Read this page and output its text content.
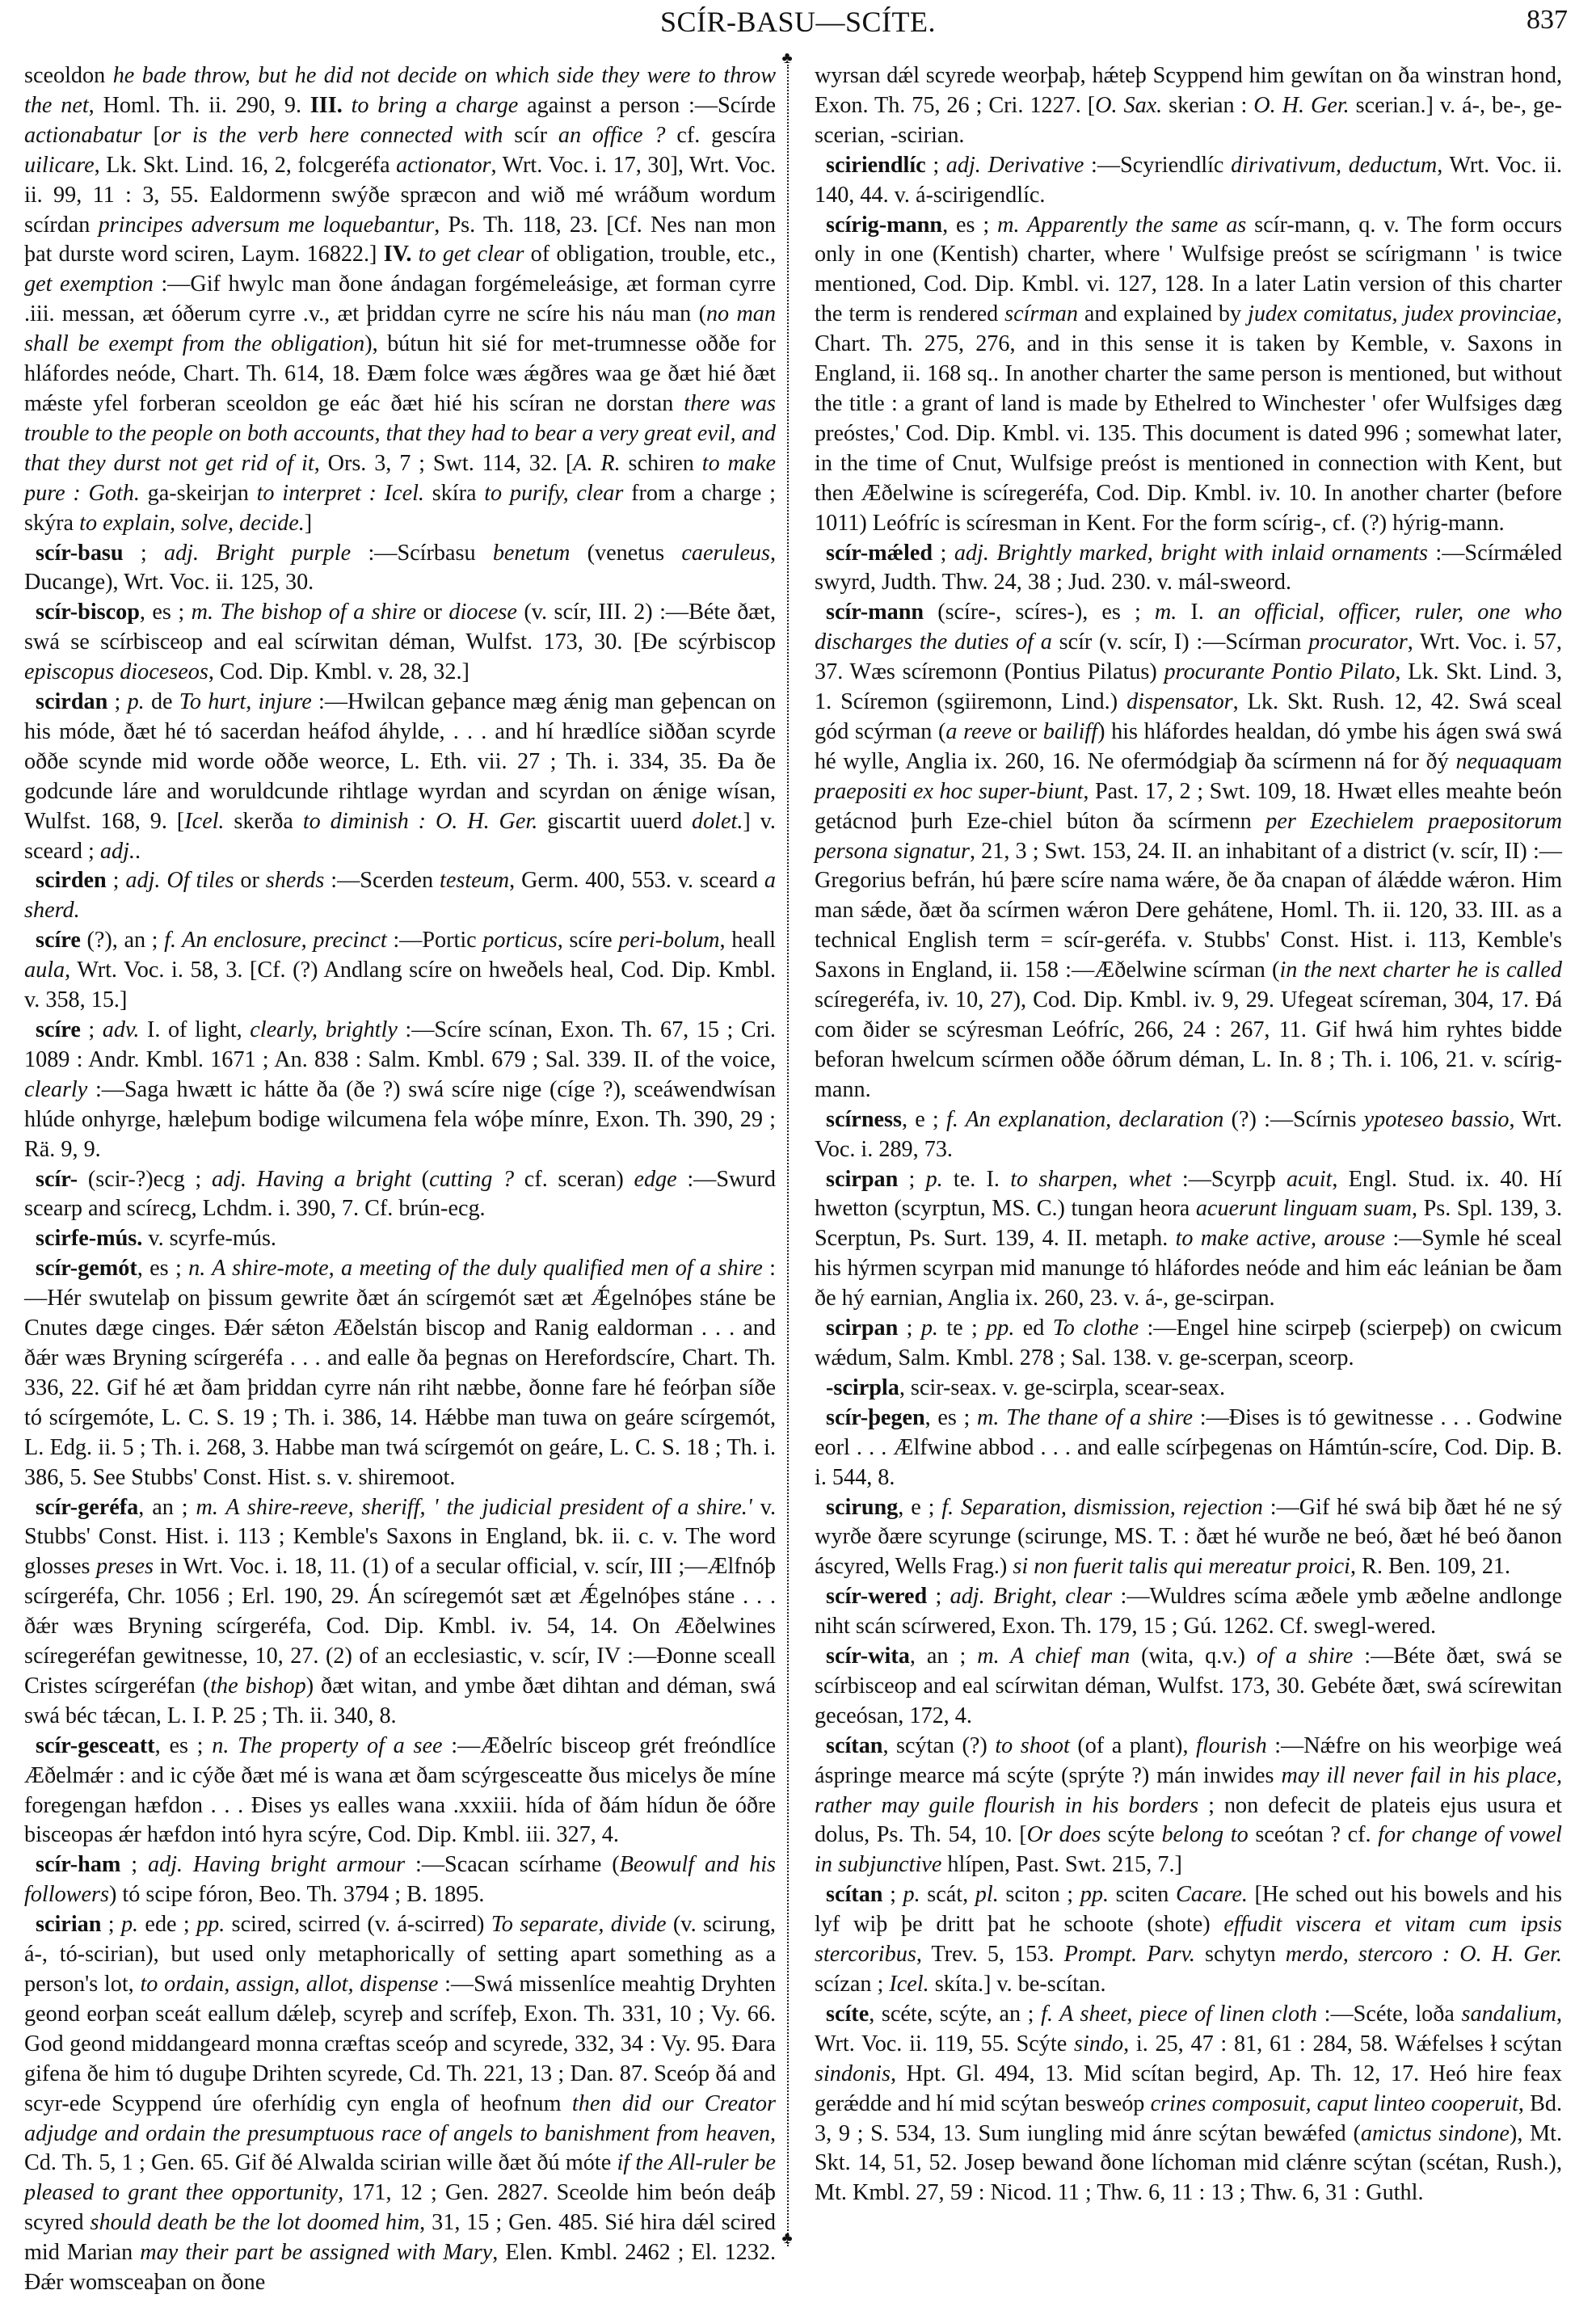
SCÍR-BASU—SCÍTE.	837
♣
♣

sceoldon he bade throw, but he did not decide on which side they were to throw the net, Homl. Th. ii. 290, 9. III. to bring a charge against a person :—Scírde actionabatur [or is the verb here connected with scír an office ? cf. gescíra uilicare, Lk. Skt. Lind. 16, 2, folcgeréfa actionator, Wrt. Voc. i. 17, 30], Wrt. Voc. ii. 99, 11 : 3, 55. Ealdormenn swýðe spræcon and wið mé wráðum wordum scírdan principes adversum me loquebantur, Ps. Th. 118, 23. [Cf. Nes nan mon þat durste word sciren, Laym. 16822.] IV. to get clear of obligation, trouble, etc., get exemption :—Gif hwylc man ðone ándagan forgémeleásige, æt forman cyrre .iii. messan, æt óðerum cyrre .v., æt þriddan cyrre ne scíre his náu man (no man shall be exempt from the obligation), bútun hit sié for met-trumnesse oððe for hláfordes neóde, Chart. Th. 614, 18. Ðæm folce wæs ǽgðres waa ge ðæt hié ðæt mǽste yfel forberan sceoldon ge eác ðæt hié his scíran ne dorstan there was trouble to the people on both accounts, that they had to bear a very great evil, and that they durst not get rid of it, Ors. 3, 7 ; Swt. 114, 32. [A. R. schiren to make pure : Goth. ga-skeirjan to interpret : Icel. skíra to purify, clear from a charge ; skýra to explain, solve, decide.]

scír-basu ; adj. Bright purple :—Scírbasu benetum (venetus caeruleus, Ducange), Wrt. Voc. ii. 125, 30.

scír-biscop, es ; m. The bishop of a shire or diocese (v. scír, III. 2) :—Béte ðæt, swá se scírbisceop and eal scírwitan déman, Wulfst. 173, 30. [Ðe scýrbiscop episcopus dioceseos, Cod. Dip. Kmbl. v. 28, 32.]

scirdan ; p. de To hurt, injure :—Hwilcan geþance mæg ǽnig man geþencan on his móde, ðæt hé tó sacerdan heáfod áhylde, . . . and hí hrædlíce siððan scyrde oððe scynde mid worde oððe weorce, L. Eth. vii. 27 ; Th. i. 334, 35. Ða ðe godcunde láre and woruldcunde rihtlage wyrdan and scyrdan on ǽnige wísan, Wulfst. 168, 9. [Icel. skerða to diminish : O. H. Ger. giscartit uuerd dolet.] v. sceard ; adj..

scirden ; adj. Of tiles or sherds :—Scerden testeum, Germ. 400, 553. v. sceard a sherd.

scíre (?), an ; f. An enclosure, precinct :—Portic porticus, scíre peri-bolum, heall aula, Wrt. Voc. i. 58, 3. [Cf. (?) Andlang scíre on hweðels heal, Cod. Dip. Kmbl. v. 358, 15.]

scíre ; adv. I. of light, clearly, brightly :—Scíre scínan, Exon. Th. 67, 15 ; Cri. 1089 : Andr. Kmbl. 1671 ; An. 838 : Salm. Kmbl. 679 ; Sal. 339. II. of the voice, clearly :—Saga hwætt ic hátte ða (ðe ?) swá scíre nige (cíge ?), sceáwendwísan hlúde onhyrge, hæleþum bodige wilcumena fela wóþe mínre, Exon. Th. 390, 29 ; Rä. 9, 9.

scír- (scir-?)ecg ; adj. Having a bright (cutting ? cf. sceran) edge :—Swurd scearp and scírecg, Lchdm. i. 390, 7. Cf. brún-ecg.

scirfe-mús. v. scyrfe-mús.

scír-gemót, es ; n. A shire-mote, a meeting of the duly qualified men of a shire :—Hér swutelaþ on þissum gewrite ðæt án scírgemót sæt æt Ǽgelnóþes stáne be Cnutes dæge cinges. Ðǽr sǽton Æðelstán biscop and Ranig ealdorman . . . and ðǽr wæs Bryning scírgeréfa . . . and ealle ða þegnas on Herefordscíre, Chart. Th. 336, 22. Gif hé æt ðam þriddan cyrre nán riht næbbe, ðonne fare hé feórþan síðe tó scírgemóte, L. C. S. 19 ; Th. i. 386, 14. Hǽbbe man tuwa on geáre scírgemót, L. Edg. ii. 5 ; Th. i. 268, 3. Habbe man twá scírgemót on geáre, L. C. S. 18 ; Th. i. 386, 5. See Stubbs' Const. Hist. s. v. shiremoot.

scír-geréfa, an ; m. A shire-reeve, sheriff, ' the judicial president of a shire.' v. Stubbs' Const. Hist. i. 113 ; Kemble's Saxons in England, bk. ii. c. v. The word glosses preses in Wrt. Voc. i. 18, 11. (1) of a secular official, v. scír, III ;—Ælfnóþ scírgeréfa, Chr. 1056 ; Erl. 190, 29. Án scíregemót sæt æt Ǽgelnóþes stáne . . . ðǽr wæs Bryning scírgeréfa, Cod. Dip. Kmbl. iv. 54, 14. On Æðelwines scíregeréfan gewitnesse, 10, 27. (2) of an ecclesiastic, v. scír, IV :—Ðonne sceall Cristes scírgeréfan (the bishop) ðæt witan, and ymbe ðæt dihtan and déman, swá swá béc tǽcan, L. I. P. 25 ; Th. ii. 340, 8.

scír-gesceatt, es ; n. The property of a see :—Æðelríc bisceop grét freóndlíce Æðelmǽr : and ic cýðe ðæt mé is wana æt ðam scýrgesceatte ðus micelys ðe míne foregengan hæfdon . . . Ðises ys ealles wana .xxxiii. hída of ðám hídun ðe óðre bisceopas ǽr hæfdon intó hyra scýre, Cod. Dip. Kmbl. iii. 327, 4.

scír-ham ; adj. Having bright armour :—Scacan scírhame (Beowulf and his followers) tó scipe fóron, Beo. Th. 3794 ; B. 1895.

scirian ; p. ede ; pp. scired, scirred (v. á-scirred) To separate, divide (v. scirung, á-, tó-scirian), but used only metaphorically of setting apart something as a person's lot, to ordain, assign, allot, dispense :—Swá missenlíce meahtig Dryhten geond eorþan sceát eallum dǽleþ, scyreþ and scrífeþ, Exon. Th. 331, 10 ; Vy. 66. God geond middangeard monna cræftas sceóp and scyrede, 332, 34 : Vy. 95. Ðara gifena ðe him tó duguþe Drihten scyrede, Cd. Th. 221, 13 ; Dan. 87. Sceóp ðá and scyr-ede Scyppend úre oferhídig cyn engla of heofnum then did our Creator adjudge and ordain the presumptuous race of angels to banishment from heaven, Cd. Th. 5, 1 ; Gen. 65. Gif ðé Alwalda scirian wille ðæt ðú móte if the All-ruler be pleased to grant thee opportunity, 171, 12 ; Gen. 2827. Sceolde him beón deáþ scyred should death be the lot doomed him, 31, 15 ; Gen. 485. Sié hira dǽl scired mid Marian may their part be assigned with Mary, Elen. Kmbl. 2462 ; El. 1232. Ðǽr womsceaþan on ðone

wyrsan dǽl scyrede weorþaþ, hǽteþ Scyppend him gewítan on ða winstran hond, Exon. Th. 75, 26 ; Cri. 1227. [O. Sax. skerian : O. H. Ger. scerian.] v. á-, be-, ge-scerian, -scirian.

sciriendlíc ; adj. Derivative :—Scyriendlíc dirivativum, deductum, Wrt. Voc. ii. 140, 44. v. á-scirigendlíc.

scírig-mann, es ; m. Apparently the same as scír-mann, q. v. The form occurs only in one (Kentish) charter, where ' Wulfsige preóst se scírigmann ' is twice mentioned, Cod. Dip. Kmbl. vi. 127, 128. In a later Latin version of this charter the term is rendered scírman and explained by judex comitatus, judex provinciae, Chart. Th. 275, 276, and in this sense it is taken by Kemble, v. Saxons in England, ii. 168 sq.. In another charter the same person is mentioned, but without the title : a grant of land is made by Ethelred to Winchester ' ofer Wulfsiges dæg preóstes,' Cod. Dip. Kmbl. vi. 135. This document is dated 996 ; somewhat later, in the time of Cnut, Wulfsige preóst is mentioned in connection with Kent, but then Æðelwine is scíregeréfa, Cod. Dip. Kmbl. iv. 10. In another charter (before 1011) Leófríc is scíresman in Kent. For the form scírig-, cf. (?) hýrig-mann.

scír-mǽled ; adj. Brightly marked, bright with inlaid ornaments :—Scírmǽled swyrd, Judth. Thw. 24, 38 ; Jud. 230. v. mál-sweord.

scír-mann (scíre-, scíres-), es ; m. I. an official, officer, ruler, one who discharges the duties of a scír (v. scír, I) :—Scírman procurator, Wrt. Voc. i. 57, 37. Wæs scíremonn (Pontius Pilatus) procurante Pontio Pilato, Lk. Skt. Lind. 3, 1. Scíremon (sgiiremonn, Lind.) dispensator, Lk. Skt. Rush. 12, 42. Swá sceal gód scýrman (a reeve or bailiff) his hláfordes healdan, dó ymbe his ágen swá swá hé wylle, Anglia ix. 260, 16. Ne ofermódgiaþ ða scírmenn ná for ðý nequaquam praepositi ex hoc super-biunt, Past. 17, 2 ; Swt. 109, 18. Hwæt elles meahte beón getácnod þurh Eze-chiel búton ða scírmenn per Ezechielem praepositorum persona signatur, 21, 3 ; Swt. 153, 24. II. an inhabitant of a district (v. scír, II) :—Gregorius befrán, hú þære scíre nama wǽre, ðe ða cnapan of álǽdde wǽron. Him man sǽde, ðæt ða scírmen wǽron Dere gehátene, Homl. Th. ii. 120, 33. III. as a technical English term = scír-geréfa. v. Stubbs' Const. Hist. i. 113, Kemble's Saxons in England, ii. 158 :—Æðelwine scírman (in the next charter he is called scíregeréfa, iv. 10, 27), Cod. Dip. Kmbl. iv. 9, 29. Ufegeat scíreman, 304, 17. Ðá com ðider se scýresman Leófríc, 266, 24 : 267, 11. Gif hwá him ryhtes bidde beforan hwelcum scírmen oððe óðrum déman, L. In. 8 ; Th. i. 106, 21. v. scírig-mann.

scírness, e ; f. An explanation, declaration (?) :—Scírnis ypoteseo bassio, Wrt. Voc. i. 289, 73.

scirpan ; p. te. I. to sharpen, whet :—Scyrpþ acuit, Engl. Stud. ix. 40. Hí hwetton (scyrptun, MS. C.) tungan heora acuerunt linguam suam, Ps. Spl. 139, 3. Scerptun, Ps. Surt. 139, 4. II. metaph. to make active, arouse :—Symle hé sceal his hýrmen scyrpan mid manunge tó hláfordes neóde and him eác leánian be ðam ðe hý earnian, Anglia ix. 260, 23. v. á-, ge-scirpan.

scirpan ; p. te ; pp. ed To clothe :—Engel hine scirpeþ (scierpeþ) on cwicum wǽdum, Salm. Kmbl. 278 ; Sal. 138. v. ge-scerpan, sceorp.

-scirpla, scir-seax. v. ge-scirpla, scear-seax.

scír-þegen, es ; m. The thane of a shire :—Ðises is tó gewitnesse . . . Godwine eorl . . . Ælfwine abbod . . . and ealle scírþegenas on Hámtún-scíre, Cod. Dip. B. i. 544, 8.

scirung, e ; f. Separation, dismission, rejection :—Gif hé swá biþ ðæt hé ne sý wyrðe ðære scyrunge (scirunge, MS. T. : ðæt hé wurðe ne beó, ðæt hé beó ðanon áscyred, Wells Frag.) si non fuerit talis qui mereatur proici, R. Ben. 109, 21.

scír-wered ; adj. Bright, clear :—Wuldres scíma æðele ymb æðelne andlonge niht scán scírwered, Exon. Th. 179, 15 ; Gú. 1262. Cf. swegl-wered.

scír-wita, an ; m. A chief man (wita, q.v.) of a shire :—Béte ðæt, swá se scírbisceop and eal scírwitan déman, Wulfst. 173, 30. Gebéte ðæt, swá scírewitan geceósan, 172, 4.

scítan, scýtan (?) to shoot (of a plant), flourish :—Nǽfre on his weorþige weá áspringe mearce má scýte (sprýte ?) mán inwides may ill never fail in his place, rather may guile flourish in his borders ; non defecit de plateis ejus usura et dolus, Ps. Th. 54, 10. [Or does scýte belong to sceótan ? cf. for change of vowel in subjunctive hlípen, Past. Swt. 215, 7.]

scítan ; p. scát, pl. sciton ; pp. sciten Cacare. [He sched out his bowels and his lyf wiþ þe dritt þat he schoote (shote) effudit viscera et vitam cum ipsis stercoribus, Trev. 5, 153. Prompt. Parv. schytyn merdo, stercoro : O. H. Ger. scízan ; Icel. skíta.] v. be-scítan.

scíte, scéte, scýte, an ; f. A sheet, piece of linen cloth :—Scéte, loða sandalium, Wrt. Voc. ii. 119, 55. Scýte sindo, i. 25, 47 : 81, 61 : 284, 58. Wǽfelses ł scýtan sindonis, Hpt. Gl. 494, 13. Mid scítan begird, Ap. Th. 12, 17. Heó hire feax gerǽdde and hí mid scýtan besweóp crines composuit, caput linteo cooperuit, Bd. 3, 9 ; S. 534, 13. Sum iungling mid ánre scýtan bewǽfed (amictus sindone), Mt. Skt. 14, 51, 52. Josep bewand ðone líchoman mid clǽnre scýtan (scétan, Rush.), Mt. Kmbl. 27, 59 : Nicod. 11 ; Thw. 6, 11 : 13 ; Thw. 6, 31 : Guthl.
